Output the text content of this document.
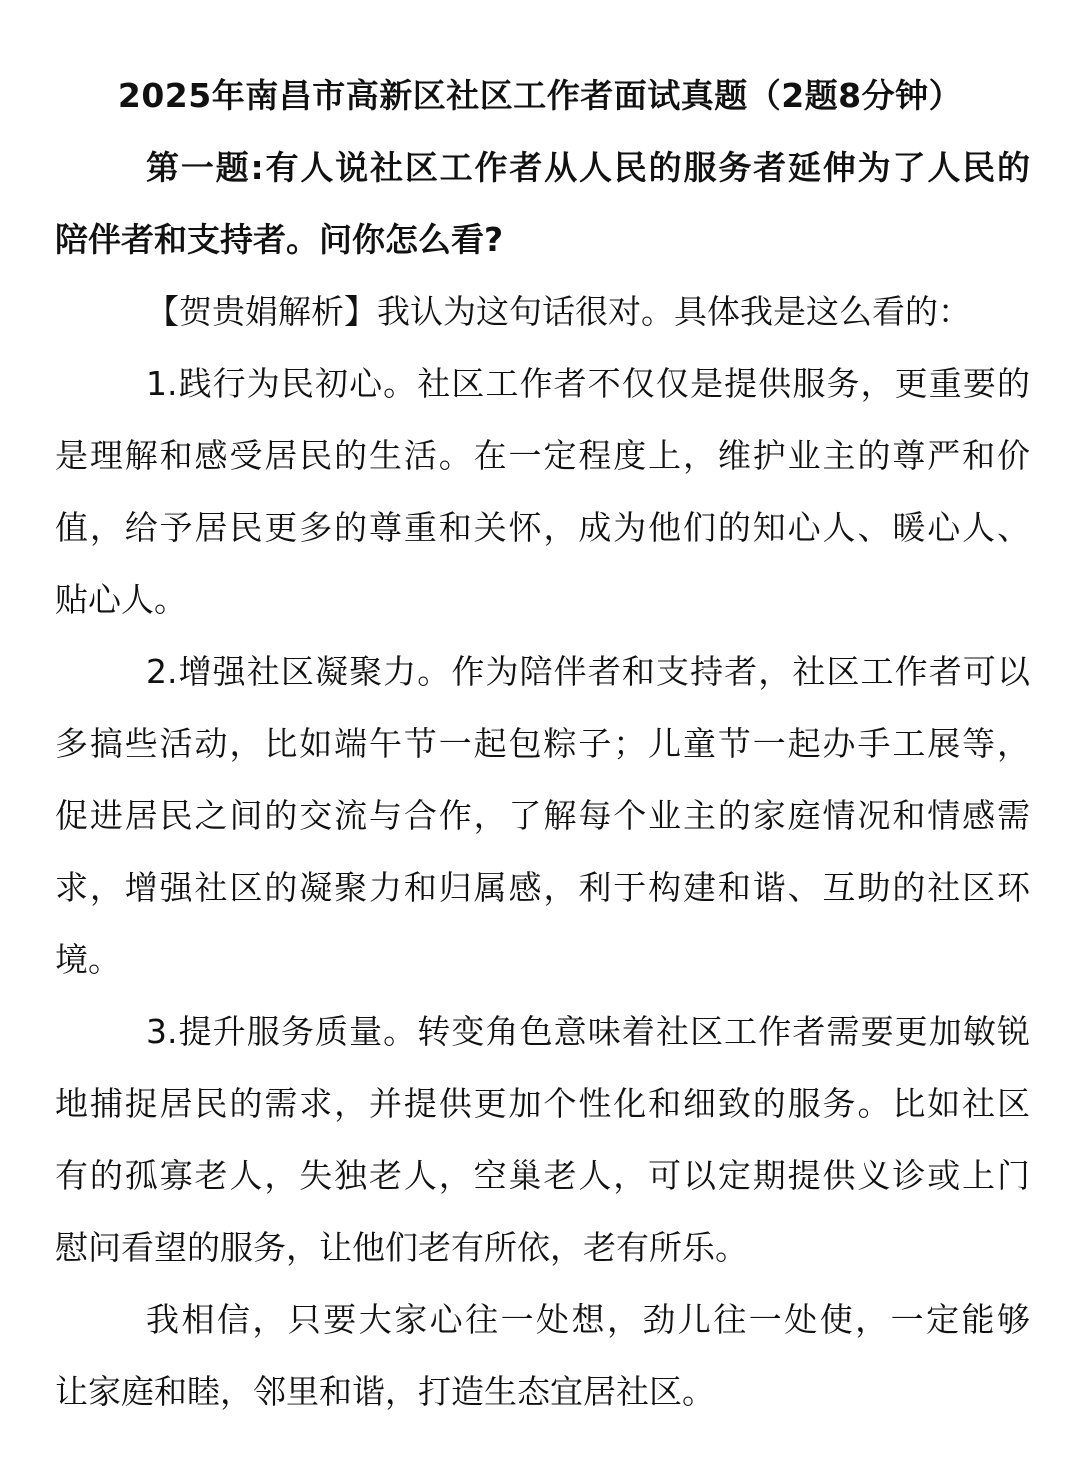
2025年南昌市高新区社区工作者面试真题（2题8分钟）
第一题:有人说社区工作者从人民的服务者延伸为了人民的
陪伴者和支持者。问你怎么看?
【贺贵娟解析】我认为这句话很对。具体我是这么看的：
1.践行为民初心。社区工作者不仅仅是提供服务，更重要的
是理解和感受居民的生活。在一定程度上，维护业主的尊严和价
值，给予居民更多的尊重和关怀，成为他们的知心人、暖心人、
贴心人。
2.增强社区凝聚力。作为陪伴者和支持者，社区工作者可以
多搞些活动，比如端午节一起包粽子；儿童节一起办手工展等，
促进居民之间的交流与合作，了解每个业主的家庭情况和情感需
求，增强社区的凝聚力和归属感，利于构建和谐、互助的社区环
境。
3.提升服务质量。转变角色意味着社区工作者需要更加敏锐
地捕捉居民的需求，并提供更加个性化和细致的服务。比如社区
有的孤寡老人，失独老人，空巢老人，可以定期提供义诊或上门
慰问看望的服务，让他们老有所依，老有所乐。
我相信，只要大家心往一处想，劲儿往一处使，一定能够
让家庭和睦，邻里和谐，打造生态宜居社区。
